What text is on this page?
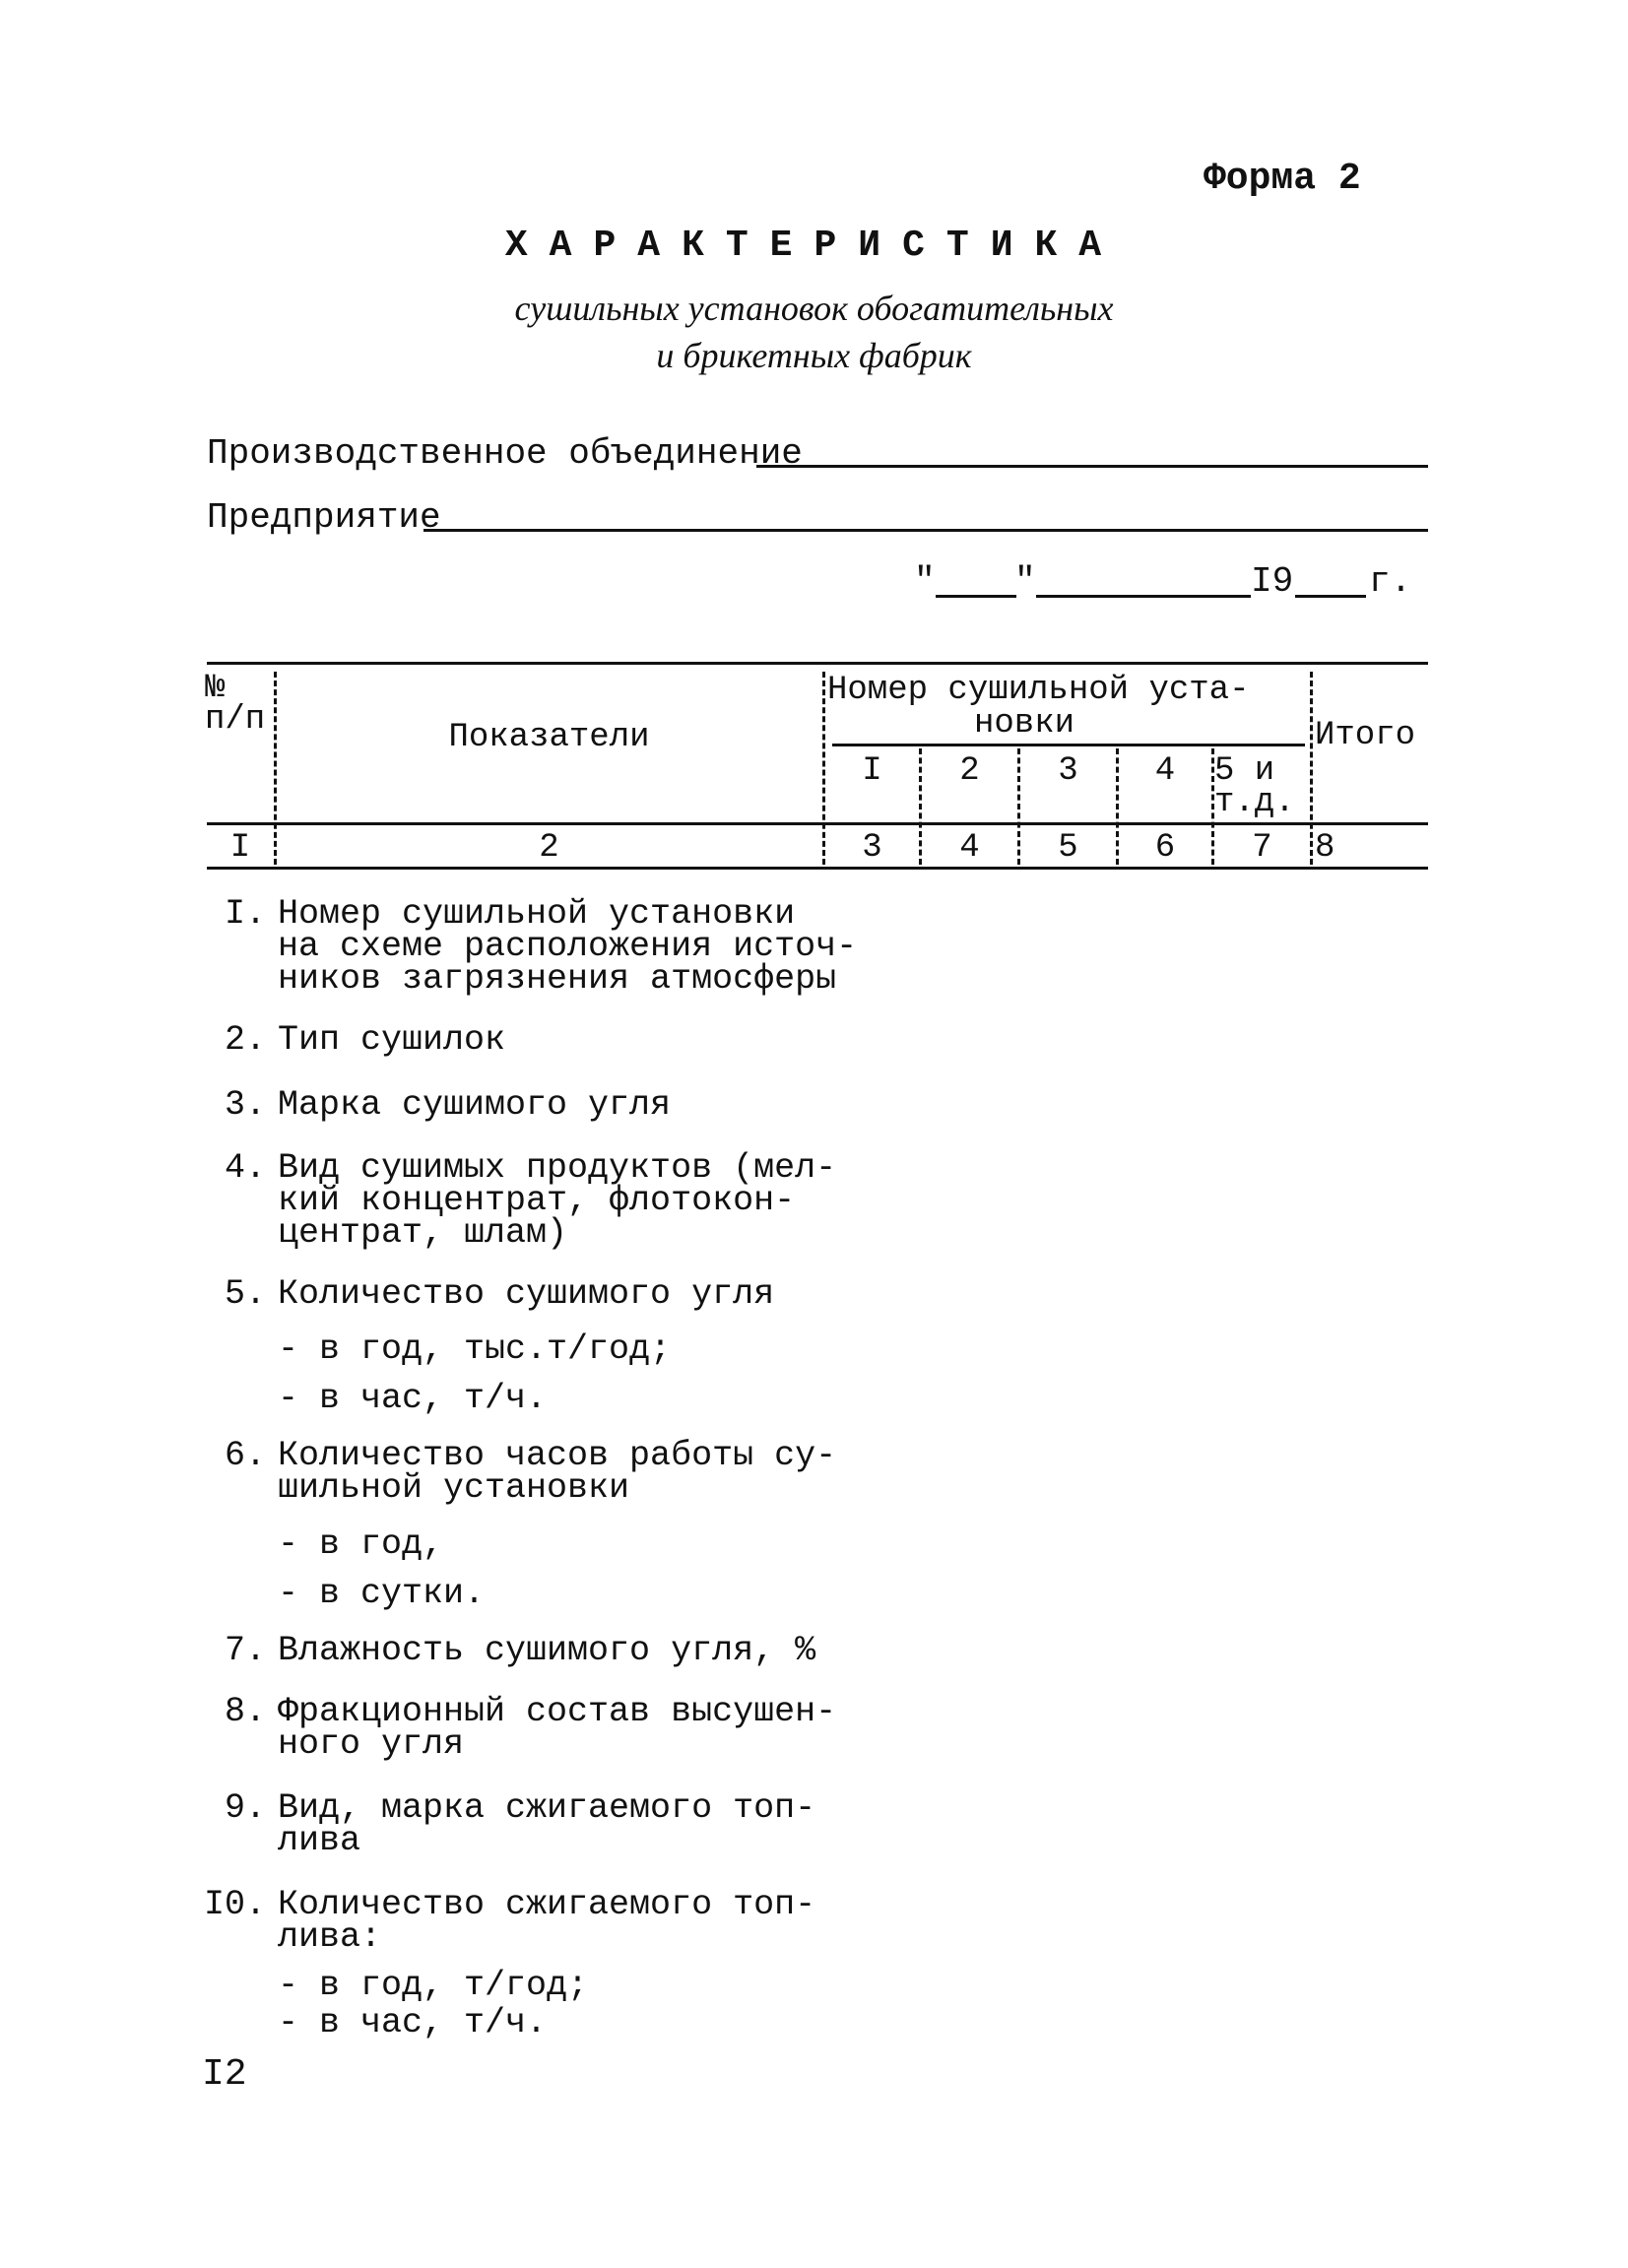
Форма 2
ХАРАКТЕРИСТИКА
сушильных установок обогатительных
и брикетных фабрик
Производственное объединение
Предприятие
" "	I9 г.
№
п/п	Показатели
Номер сушильной уста-
новки
I	2	3	4	5 и
т.д.
Итого
I	2	3	4	5	6	7	8
I. Номер сушильной установки
на схеме расположения источ-
ников загрязнения атмосферы
2. Тип сушилок
3. Марка сушимого угля
4. Вид сушимых продуктов (мел-
кий концентрат, флотокон-
центрат, шлам)
5. Количество сушимого угля
- в год, тыс.т/год;
- в час, т/ч.
6. Количество часов работы су-
шильной установки
- в год,
- в сутки.
7. Влажность сушимого угля, %
8. Фракционный состав высушен-
ного угля
9. Вид, марка сжигаемого топ-
лива
I0. Количество сжигаемого топ-
лива:
- в год, т/год;
- в час, т/ч.
I2
